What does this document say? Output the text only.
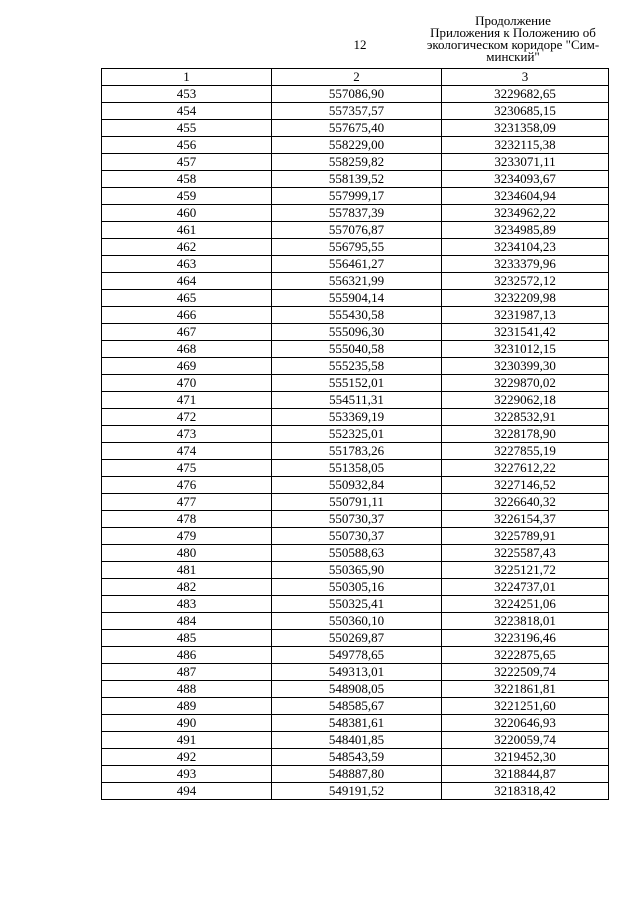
12
Продолжение
Приложения к Положению об
экологическом коридоре "Сим-
минский"
1	2	3
453	557086,90	3229682,65
454	557357,57	3230685,15
455	557675,40	3231358,09
456	558229,00	3232115,38
457	558259,82	3233071,11
458	558139,52	3234093,67
459	557999,17	3234604,94
460	557837,39	3234962,22
461	557076,87	3234985,89
462	556795,55	3234104,23
463	556461,27	3233379,96
464	556321,99	3232572,12
465	555904,14	3232209,98
466	555430,58	3231987,13
467	555096,30	3231541,42
468	555040,58	3231012,15
469	555235,58	3230399,30
470	555152,01	3229870,02
471	554511,31	3229062,18
472	553369,19	3228532,91
473	552325,01	3228178,90
474	551783,26	3227855,19
475	551358,05	3227612,22
476	550932,84	3227146,52
477	550791,11	3226640,32
478	550730,37	3226154,37
479	550730,37	3225789,91
480	550588,63	3225587,43
481	550365,90	3225121,72
482	550305,16	3224737,01
483	550325,41	3224251,06
484	550360,10	3223818,01
485	550269,87	3223196,46
486	549778,65	3222875,65
487	549313,01	3222509,74
488	548908,05	3221861,81
489	548585,67	3221251,60
490	548381,61	3220646,93
491	548401,85	3220059,74
492	548543,59	3219452,30
493	548887,80	3218844,87
494	549191,52	3218318,42
